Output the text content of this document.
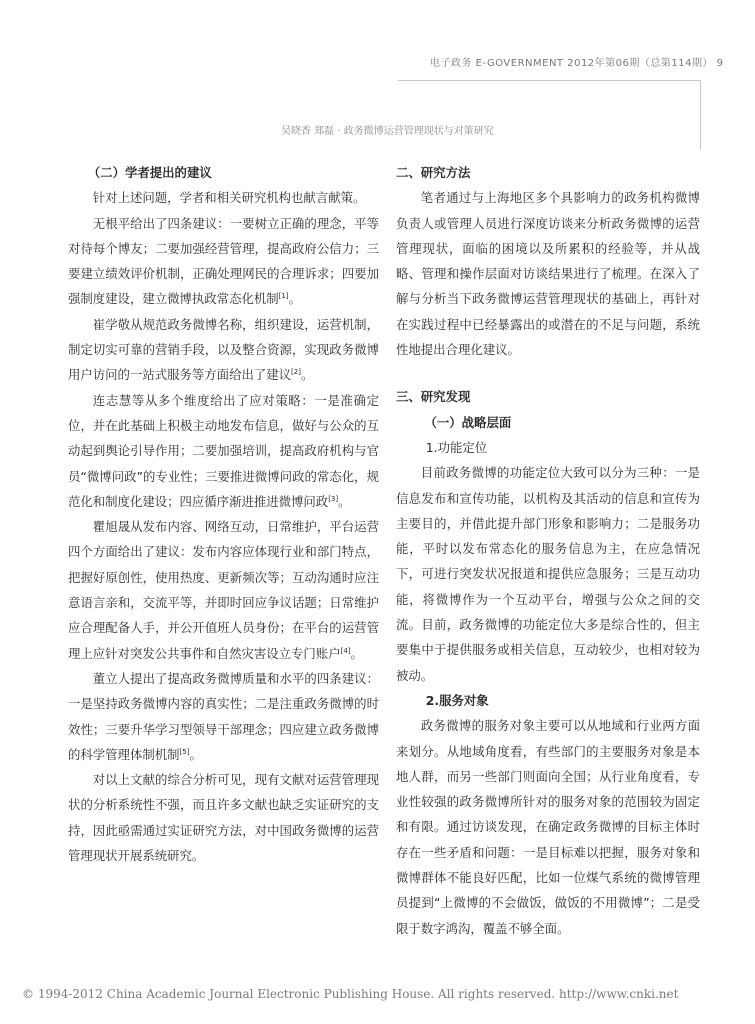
电子政务 E-GOVERNMENT 2012年第06期（总第114期） 9
吴晓香 郑磊 · 政务微博运营管理现状与对策研究
（二）学者提出的建议

针对上述问题，学者和相关研究机构也献言献策。

无根平给出了四条建议：一要树立正确的理念，平等对待每个博友；二要加强经营管理，提高政府公信力；三要建立绩效评价机制，正确处理网民的合理诉求；四要加强制度建设，建立微博执政常态化机制[1]。

崔学敬从规范政务微博名称，组织建设，运营机制，制定切实可靠的营销手段，以及整合资源，实现政务微博用户访问的一站式服务等方面给出了建议[2]。

连志慧等从多个维度给出了应对策略：一是准确定位，并在此基础上积极主动地发布信息，做好与公众的互动起到舆论引导作用；二要加强培训，提高政府机构与官员“微博问政”的专业性；三要推进微博问政的常态化，规范化和制度化建设；四应循序渐进推进微博问政[3]。

瞿旭晟从发布内容、网络互动，日常维护，平台运营四个方面给出了建议：发布内容应体现行业和部门特点，把握好原创性，使用热度、更新频次等；互动沟通时应注意语言亲和，交流平等，并即时回应争议话题；日常维护应合理配备人手，并公开值班人员身份；在平台的运营管理上应针对突发公共事件和自然灾害设立专门账户[4]。

董立人提出了提高政务微博质量和水平的四条建议：一是坚持政务微博内容的真实性；二是注重政务微博的时效性；三要升华学习型领导干部理念；四应建立政务微博的科学管理体制机制[5]。

对以上文献的综合分析可见，现有文献对运营管理现状的分析系统性不强，而且许多文献也缺乏实证研究的支持，因此亟需通过实证研究方法，对中国政务微博的运营管理现状开展系统研究。

二、研究方法

笔者通过与上海地区多个具影响力的政务机构微博负责人或管理人员进行深度访谈来分析政务微博的运营管理现状，面临的困境以及所累积的经验等，并从战略、管理和操作层面对访谈结果进行了梳理。在深入了解与分析当下政务微博运营管理现状的基础上，再针对在实践过程中已经暴露出的或潜在的不足与问题，系统性地提出合理化建议。

三、研究发现
（一）战略层面
1.功能定位

目前政务微博的功能定位大致可以分为三种：一是信息发布和宣传功能，以机构及其活动的信息和宣传为主要目的，并借此提升部门形象和影响力；二是服务功能，平时以发布常态化的服务信息为主，在应急情况下，可进行突发状况报道和提供应急服务；三是互动功能，将微博作为一个互动平台，增强与公众之间的交流。目前，政务微博的功能定位大多是综合性的，但主要集中于提供服务或相关信息，互动较少，也相对较为被动。

2.服务对象

政务微博的服务对象主要可以从地域和行业两方面来划分。从地域角度看，有些部门的主要服务对象是本地人群，而另一些部门则面向全国；从行业角度看，专业性较强的政务微博所针对的服务对象的范围较为固定和有限。通过访谈发现，在确定政务微博的目标主体时存在一些矛盾和问题：一是目标难以把握，服务对象和微博群体不能良好匹配，比如一位煤气系统的微博管理员提到“上微博的不会做饭，做饭的不用微博”；二是受限于数字鸿沟，覆盖不够全面。

© 1994-2012 China Academic Journal Electronic Publishing House. All rights reserved. http://www.cnki.net
